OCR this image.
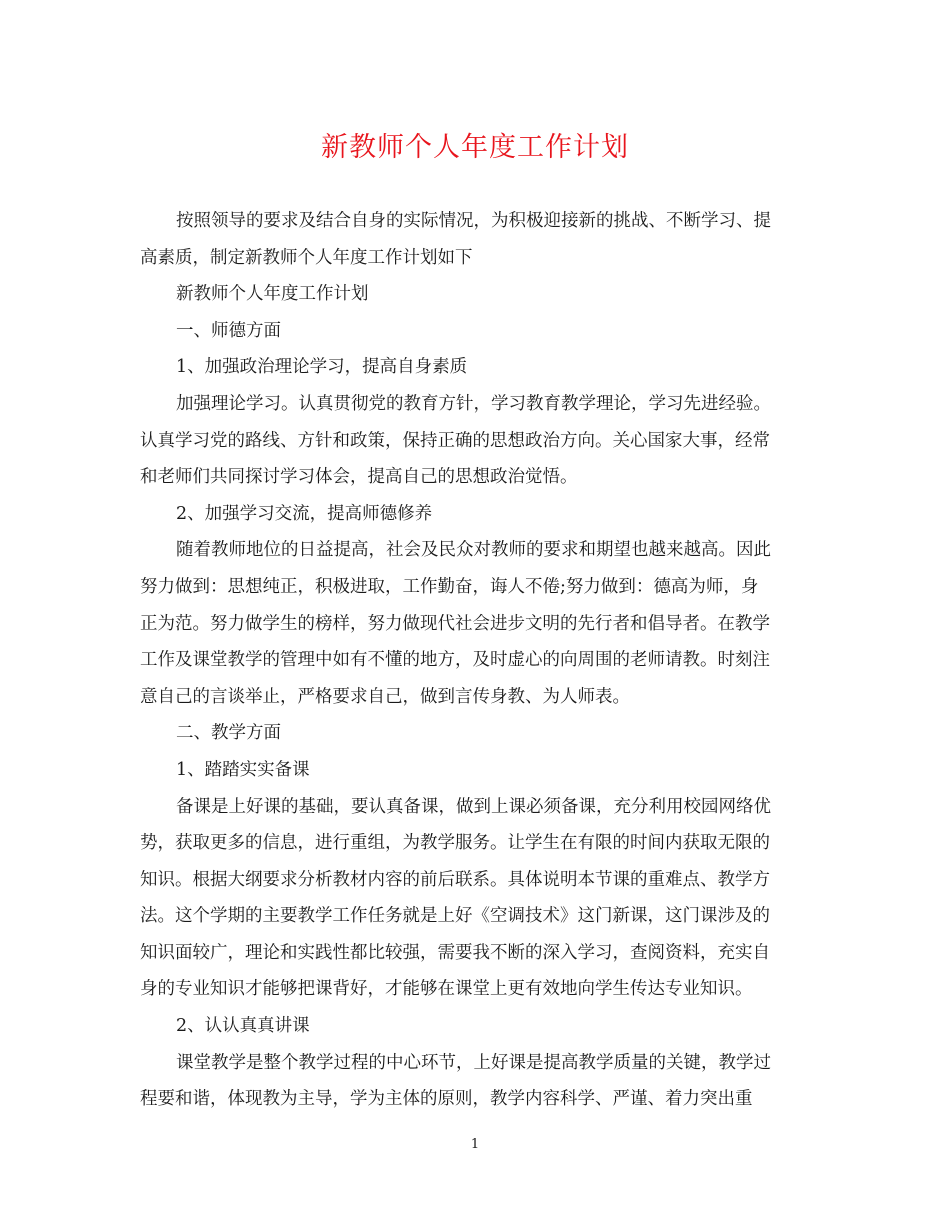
新教师个人年度工作计划
按照领导的要求及结合自身的实际情况，为积极迎接新的挑战、不断学习、提
高素质，制定新教师个人年度工作计划如下
新教师个人年度工作计划
一、师德方面
1、加强政治理论学习，提高自身素质
加强理论学习。认真贯彻党的教育方针，学习教育教学理论，学习先进经验。
认真学习党的路线、方针和政策，保持正确的思想政治方向。关心国家大事，经常
和老师们共同探讨学习体会，提高自己的思想政治觉悟。
2、加强学习交流，提高师德修养
随着教师地位的日益提高，社会及民众对教师的要求和期望也越来越高。因此
努力做到：思想纯正，积极进取，工作勤奋，诲人不倦;努力做到：德高为师，身
正为范。努力做学生的榜样，努力做现代社会进步文明的先行者和倡导者。在教学
工作及课堂教学的管理中如有不懂的地方，及时虚心的向周围的老师请教。时刻注
意自己的言谈举止，严格要求自己，做到言传身教、为人师表。
二、教学方面
1、踏踏实实备课
备课是上好课的基础，要认真备课，做到上课必须备课，充分利用校园网络优
势，获取更多的信息，进行重组，为教学服务。让学生在有限的时间内获取无限的
知识。根据大纲要求分析教材内容的前后联系。具体说明本节课的重难点、教学方
法。这个学期的主要教学工作任务就是上好《空调技术》这门新课，这门课涉及的
知识面较广，理论和实践性都比较强，需要我不断的深入学习，查阅资料，充实自
身的专业知识才能够把课背好，才能够在课堂上更有效地向学生传达专业知识。
2、认认真真讲课
课堂教学是整个教学过程的中心环节，上好课是提高教学质量的关键，教学过
程要和谐，体现教为主导，学为主体的原则，教学内容科学、严谨、着力突出重
1
